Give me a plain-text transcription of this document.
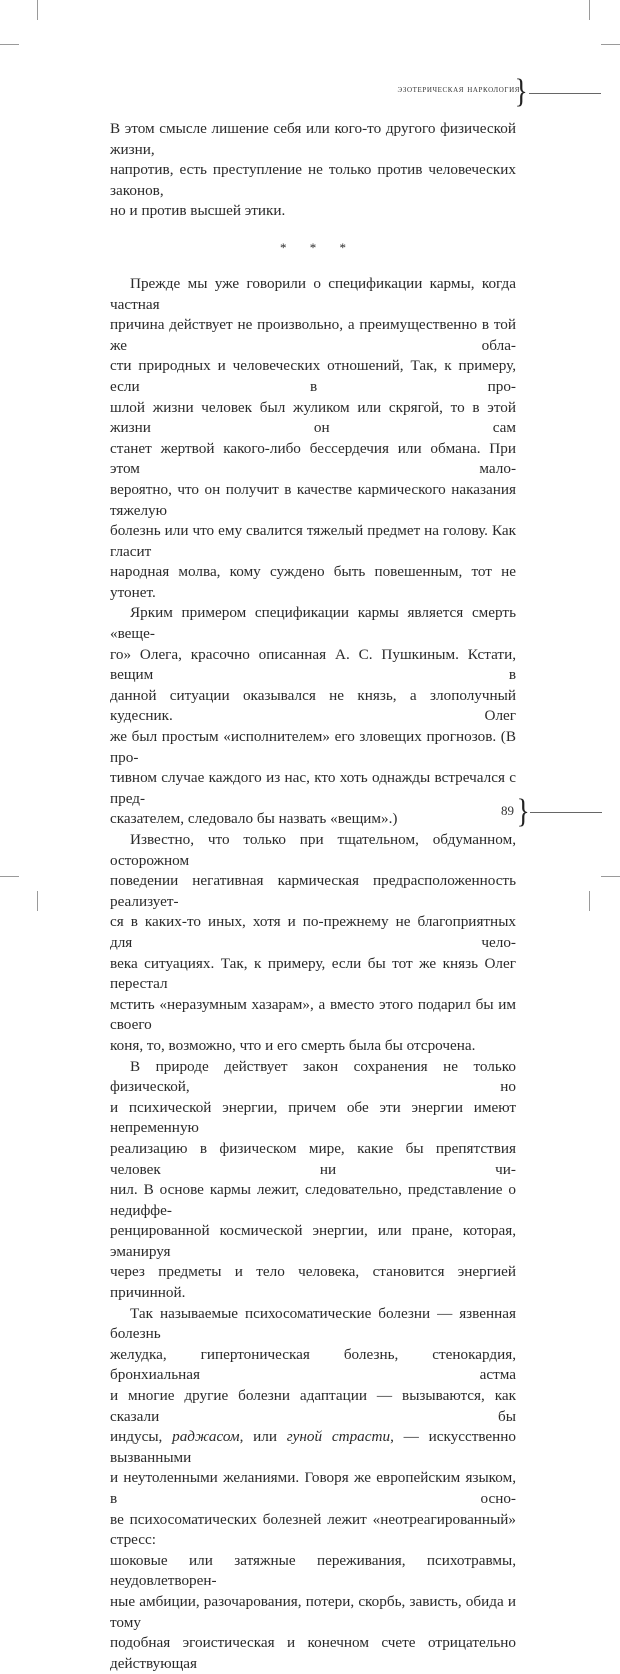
эзотерическая наркология
}

В этом смысле лишение себя или кого-то другого физической жизни,
напротив, есть преступление не только против человеческих законов,
но и против высшей этики.

* * *

Прежде мы уже говорили о спецификации кармы, когда частная
причина действует не произвольно, а преимущественно в той же обла-
сти природных и человеческих отношений, Так, к примеру, если в про-
шлой жизни человек был жуликом или скрягой, то в этой жизни он сам
станет жертвой какого-либо бессердечия или обмана. При этом мало-
вероятно, что он получит в качестве кармического наказания тяжелую
болезнь или что ему свалится тяжелый предмет на голову. Как гласит
народная молва, кому суждено быть повешенным, тот не утонет.

Ярким примером спецификации кармы является смерть «веще-
го» Олега, красочно описанная А. С. Пушкиным. Кстати, вещим в
данной ситуации оказывался не князь, а злополучный кудесник. Олег
же был простым «исполнителем» его зловещих прогнозов. (В про-
тивном случае каждого из нас, кто хоть однажды встречался с пред-
сказателем, следовало бы назвать «вещим».)

Известно, что только при тщательном, обдуманном, осторожном
поведении негативная кармическая предрасположенность реализует-
ся в каких-то иных, хотя и по-прежнему не благоприятных для чело-
века ситуациях. Так, к примеру, если бы тот же князь Олег перестал
мстить «неразумным хазарам», а вместо этого подарил бы им своего
коня, то, возможно, что и его смерть была бы отсрочена.

В природе действует закон сохранения не только физической, но
и психической энергии, причем обе эти энергии имеют непременную
реализацию в физическом мире, какие бы препятствия человек ни чи-
нил. В основе кармы лежит, следовательно, представление о недиффе-
ренцированной космической энергии, или пране, которая, эманируя
через предметы и тело человека, становится энергией причинной.

Так называемые психосоматические болезни — язвенная болезнь
желудка, гипертоническая болезнь, стенокардия, бронхиальная астма
и многие другие болезни адаптации — вызываются, как сказали бы
индусы, раджасом, или гуной страсти, — искусственно вызванными
и неутоленными желаниями. Говоря же европейским языком, в осно-
ве психосоматических болезней лежит «неотреагированный» стресс:
шоковые или затяжные переживания, психотравмы, неудовлетворен-
ные амбиции, разочарования, потери, скорбь, зависть, обида и тому
подобная эгоистическая и конечном счете отрицательно действующая

89 }
